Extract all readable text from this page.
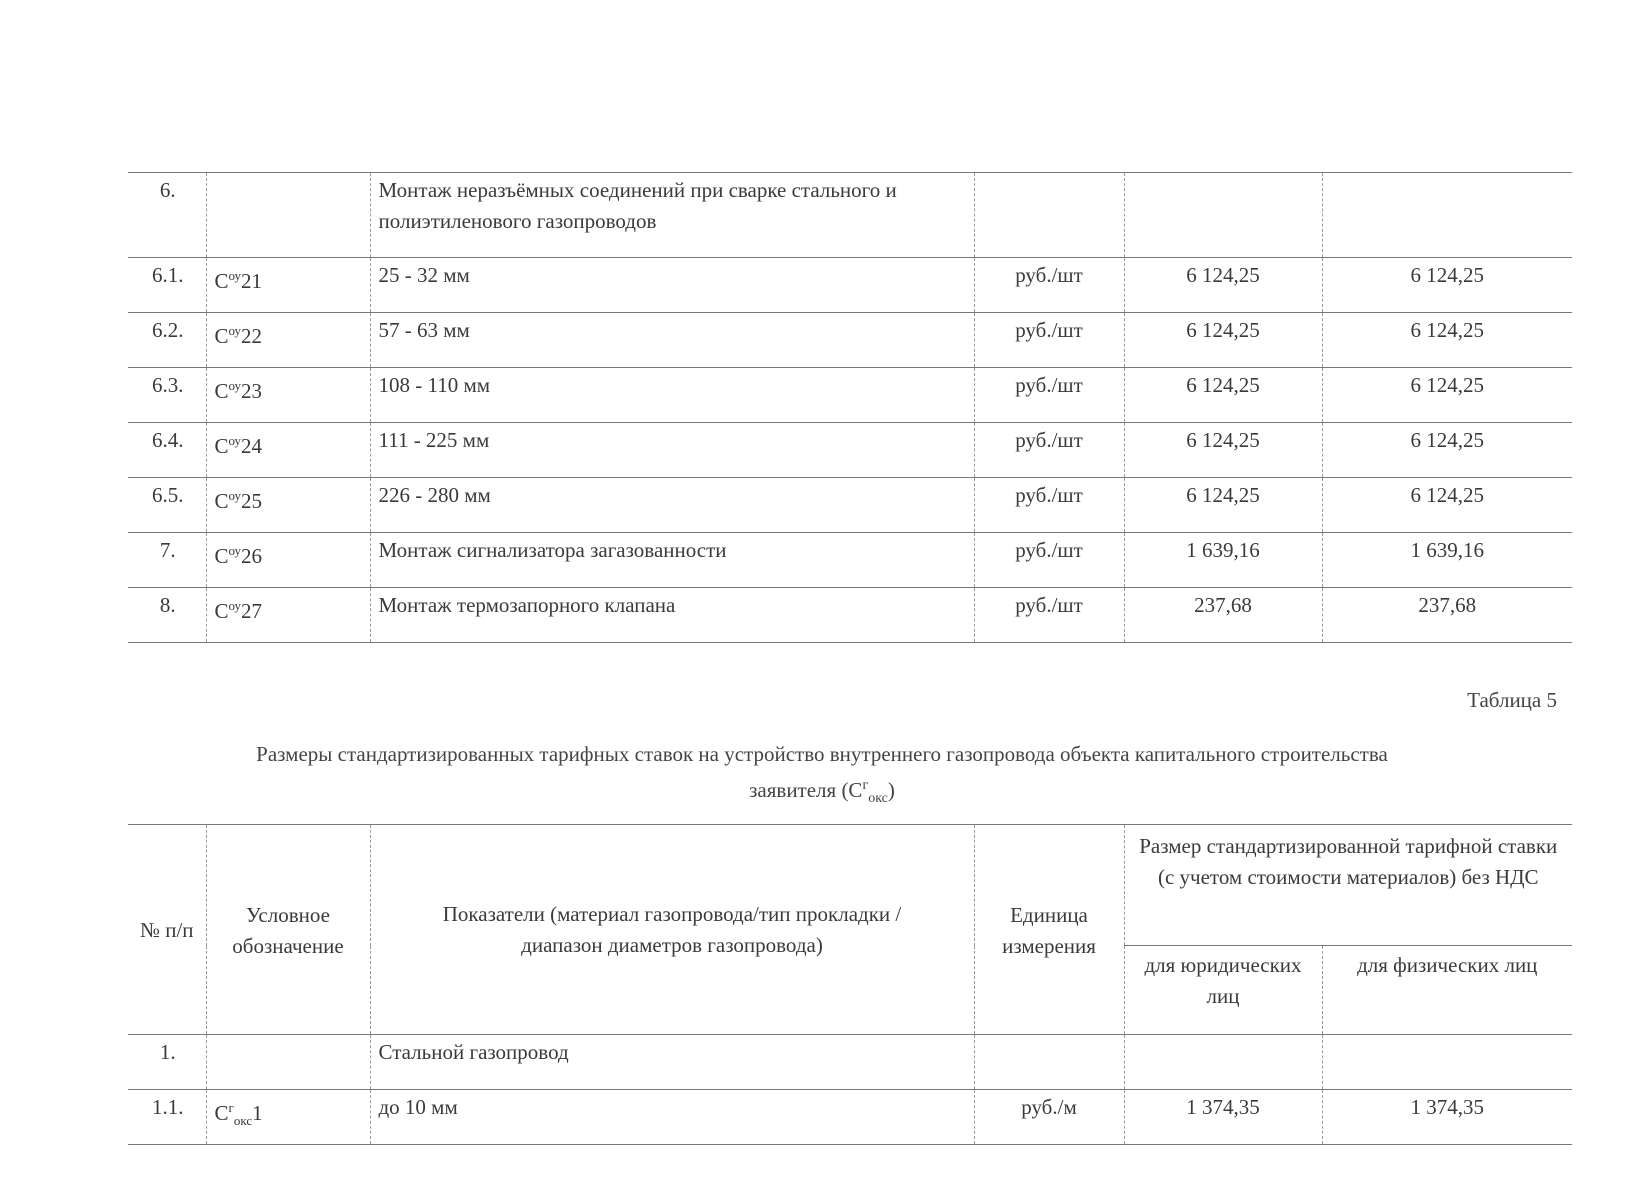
6.		Монтаж неразъёмных соединений при сварке стального и полиэтиленового газопроводов			
6.1.	$C^{оу}21$	25 - 32 мм	руб./шт	6 124,25	6 124,25
6.2.	$C^{оу}22$	57 - 63 мм	руб./шт	6 124,25	6 124,25
6.3.	$C^{оу}23$	108 - 110 мм	руб./шт	6 124,25	6 124,25
6.4.	$C^{оу}24$	111 - 225 мм	руб./шт	6 124,25	6 124,25
6.5.	$C^{оу}25$	226 - 280 мм	руб./шт	6 124,25	6 124,25
7.	$C^{оу}26$	Монтаж сигнализатора загазованности	руб./шт	1 639,16	1 639,16
8.	$C^{оу}27$	Монтаж термозапорного клапана	руб./шт	237,68	237,68
Таблица 5
Размеры стандартизированных тарифных ставок на устройство внутреннего газопровода объекта капитального строительства заявителя $(С^г_{окс})$
№ п/п	Условное обозначение	Показатели (материал газопровода/тип прокладки / диапазон диаметров газопровода)	Единица измерения	Размер стандартизированной тарифной ставки (с учетом стоимости материалов) без НДС	
				для юридических лиц	для физических лиц
1.		Стальной газопровод			
1.1.	$C^г_{окс}1$	до 10 мм	руб./м	1 374,35	1 374,35
